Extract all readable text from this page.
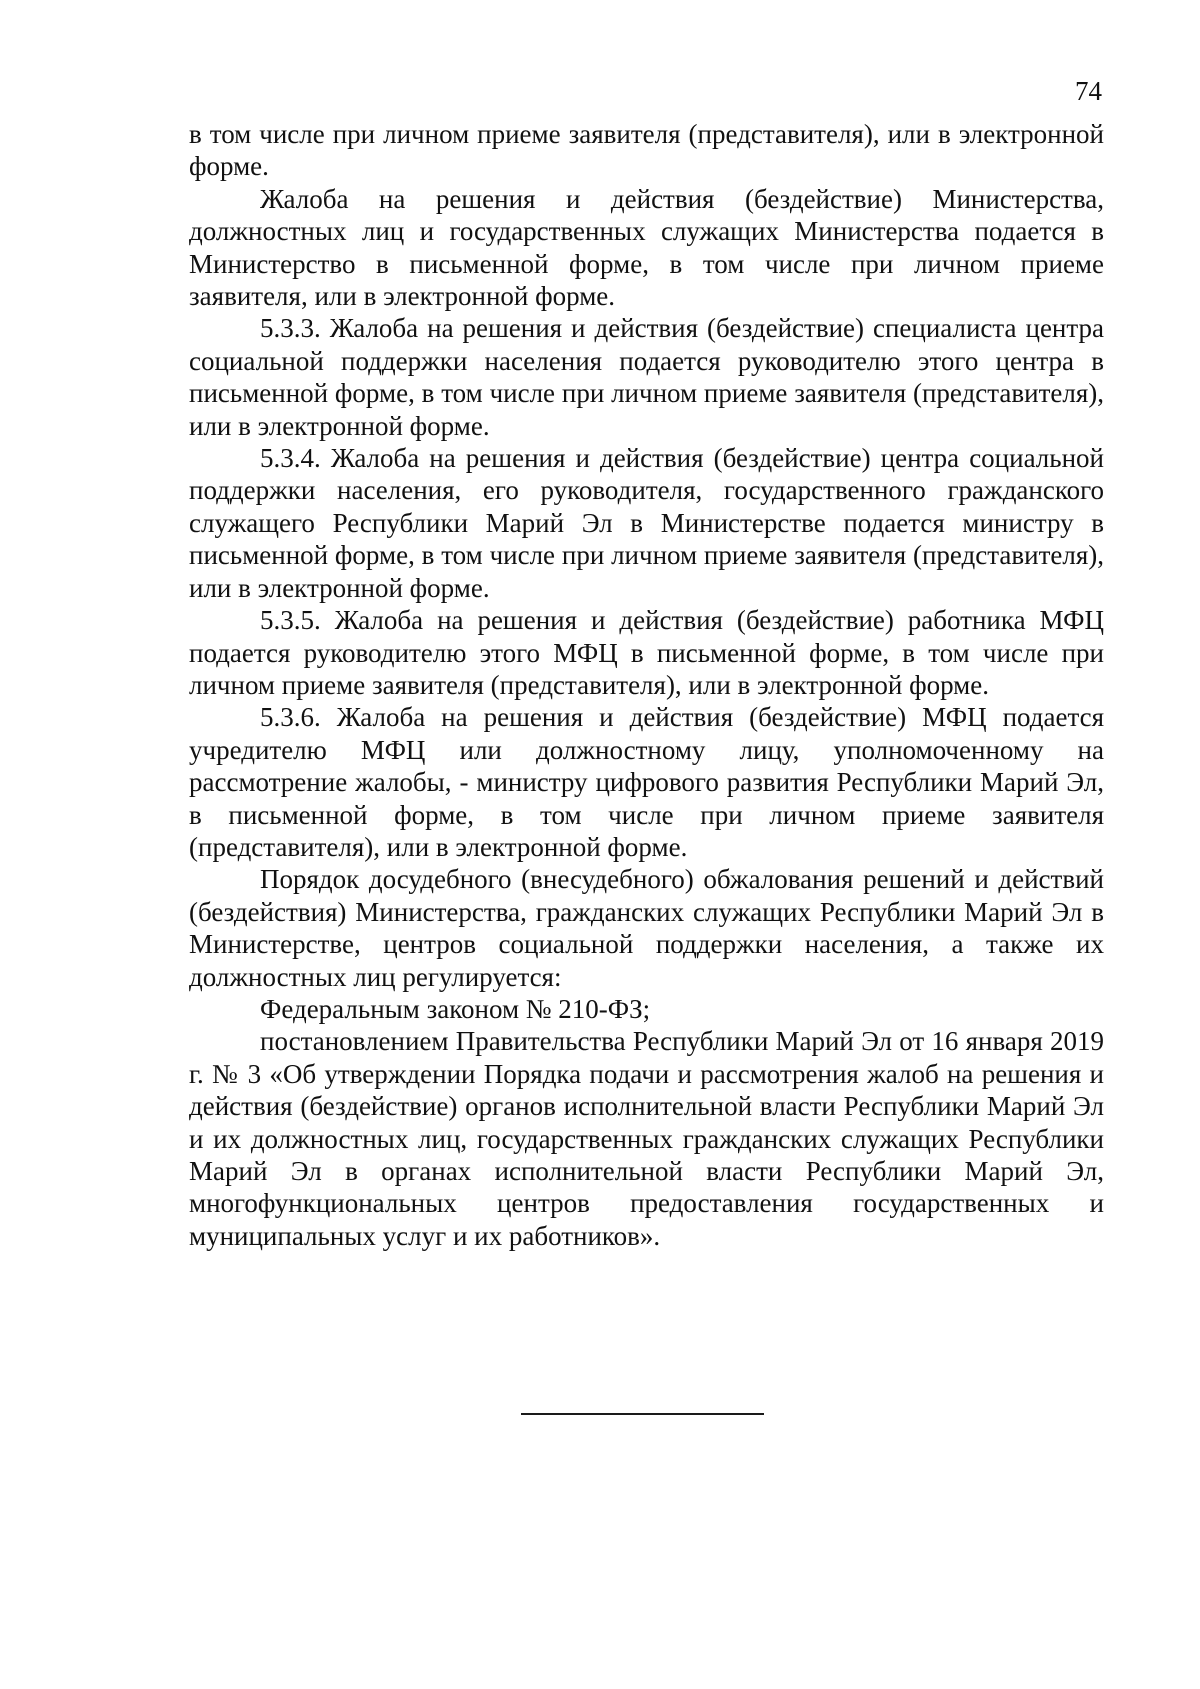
74

в том числе при личном приеме заявителя (представителя), или в электронной форме.

Жалоба на решения и действия (бездействие) Министерства, должностных лиц и государственных служащих Министерства подается в Министерство в письменной форме, в том числе при личном приеме заявителя, или в электронной форме.

5.3.3. Жалоба на решения и действия (бездействие) специалиста центра социальной поддержки населения подается руководителю этого центра в письменной форме, в том числе при личном приеме заявителя (представителя), или в электронной форме.

5.3.4. Жалоба на решения и действия (бездействие) центра социальной поддержки населения, его руководителя, государственного гражданского служащего Республики Марий Эл в Министерстве подается министру в письменной форме, в том числе при личном приеме заявителя (представителя), или в электронной форме.

5.3.5. Жалоба на решения и действия (бездействие) работника МФЦ подается руководителю этого МФЦ в письменной форме, в том числе при личном приеме заявителя (представителя), или в электронной форме.

5.3.6. Жалоба на решения и действия (бездействие) МФЦ подается учредителю МФЦ или должностному лицу, уполномоченному на рассмотрение жалобы, - министру цифрового развития Республики Марий Эл, в письменной форме, в том числе при личном приеме заявителя (представителя), или в электронной форме.

Порядок досудебного (внесудебного) обжалования решений и действий (бездействия) Министерства, гражданских служащих Республики Марий Эл в Министерстве, центров социальной поддержки населения, а также их должностных лиц регулируется:

Федеральным законом № 210-ФЗ;

постановлением Правительства Республики Марий Эл от 16 января 2019 г. № 3 «Об утверждении Порядка подачи и рассмотрения жалоб на решения и действия (бездействие) органов исполнительной власти Республики Марий Эл и их должностных лиц, государственных гражданских служащих Республики Марий Эл в органах исполнительной власти Республики Марий Эл, многофункциональных центров предоставления государственных и муниципальных услуг и их работников».
